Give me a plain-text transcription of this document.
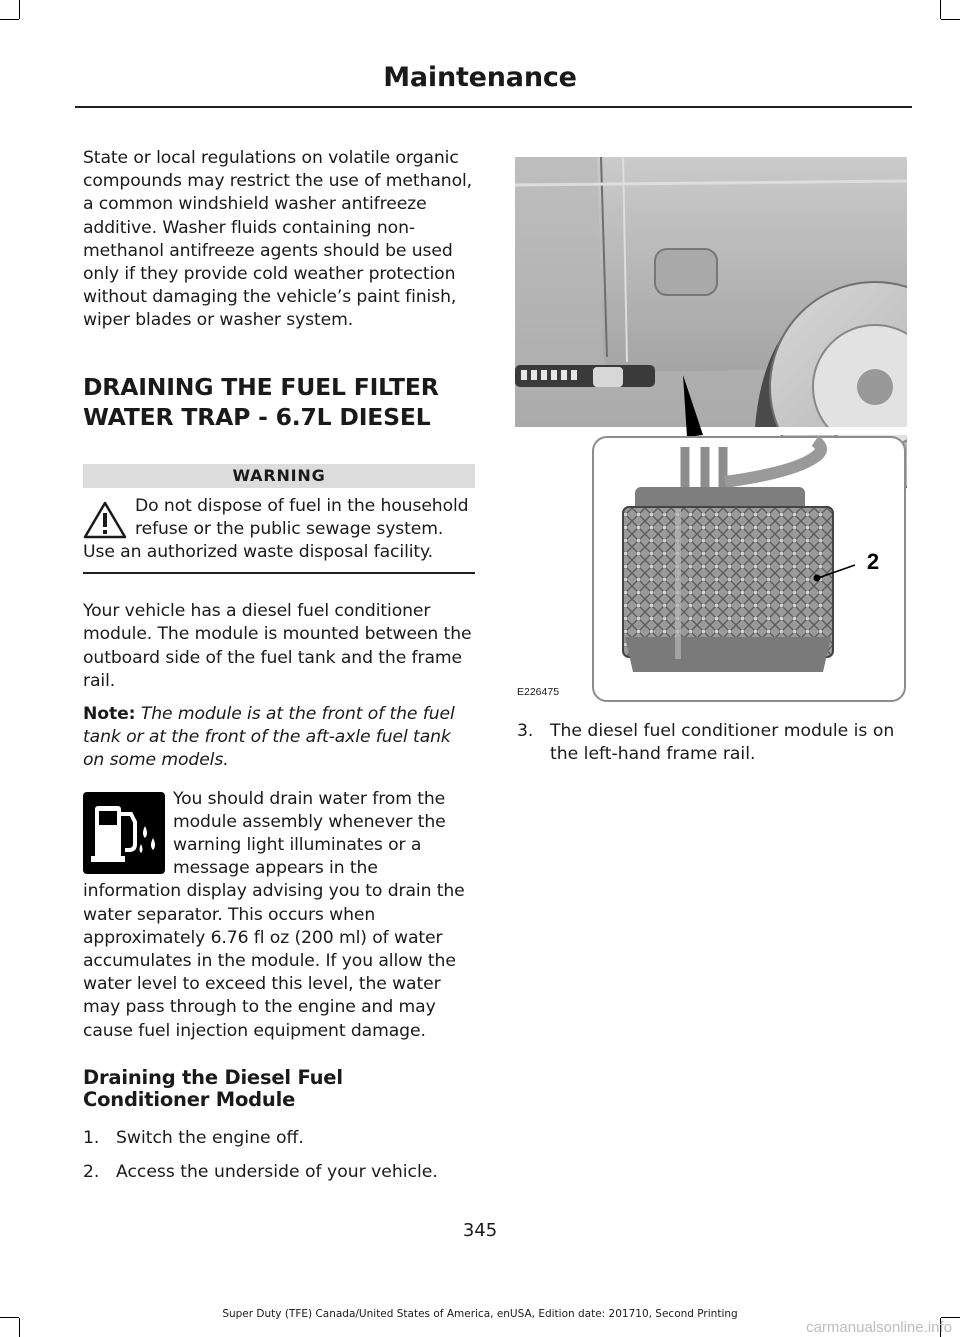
Maintenance

State or local regulations on volatile organic compounds may restrict the use of methanol, a common windshield washer antifreeze additive. Washer fluids containing non-methanol antifreeze agents should be used only if they provide cold weather protection without damaging the vehicle’s paint finish, wiper blades or washer system.

DRAINING THE FUEL FILTER
WATER TRAP - 6.7L DIESEL
WARNING

Do not dispose of fuel in the household refuse or the public sewage system. Use an authorized waste disposal facility.

Your vehicle has a diesel fuel conditioner module. The module is mounted between the outboard side of the fuel tank and the frame rail.

Note: The module is at the front of the fuel tank or at the front of the aft-axle fuel tank on some models.

You should drain water from the module assembly whenever the warning light illuminates or a message appears in the information display advising you to drain the water separator. This occurs when approximately 6.76 fl oz (200 ml) of water accumulates in the module. If you allow the water level to exceed this level, the water may pass through to the engine and may cause fuel injection equipment damage.

Draining the Diesel Fuel
Conditioner Module
1. Switch the engine off.
2. Access the underside of your vehicle.
2
E226475
3. The diesel fuel conditioner module is on the left-hand frame rail.
345
Super Duty (TFE) Canada/United States of America, enUSA, Edition date: 201710, Second Printing
carmanualsonline.info
